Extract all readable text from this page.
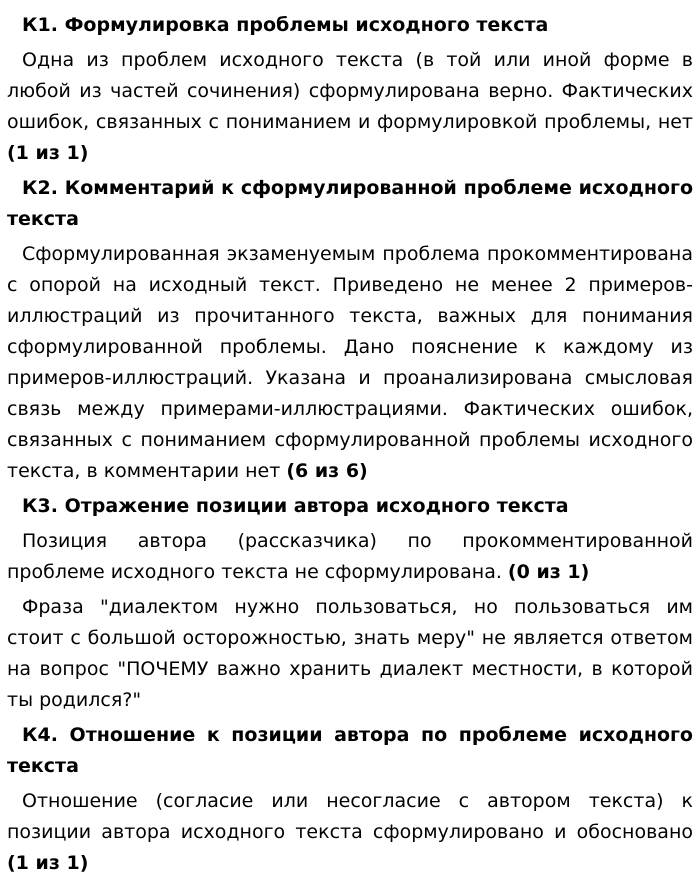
К1. Формулировка проблемы исходного текста
Одна из проблем исходного текста (в той или иной форме в любой из частей сочинения) сформулирована верно. Фактических ошибок, связанных с пониманием и формулировкой проблемы, нет (1 из 1)
К2. Комментарий к сформулированной проблеме исходного текста
Сформулированная экзаменуемым проблема прокомментирована с опорой на исходный текст. Приведено не менее 2 примеров-иллюстраций из прочитанного текста, важных для понимания сформулированной проблемы. Дано пояснение к каждому из примеров-иллюстраций. Указана и проанализирована смысловая связь между примерами-иллюстрациями. Фактических ошибок, связанных с пониманием сформулированной проблемы исходного текста, в комментарии нет (6 из 6)
К3. Отражение позиции автора исходного текста
Позиция автора (рассказчика) по прокомментированной проблеме исходного текста не сформулирована. (0 из 1)
Фраза "диалектом нужно пользоваться, но пользоваться им стоит с большой осторожностью, знать меру" не является ответом на вопрос "ПОЧЕМУ важно хранить диалект местности, в которой ты родился?"
К4. Отношение к позиции автора по проблеме исходного текста
Отношение (согласие или несогласие с автором текста) к позиции автора исходного текста сформулировано и обосновано (1 из 1)
